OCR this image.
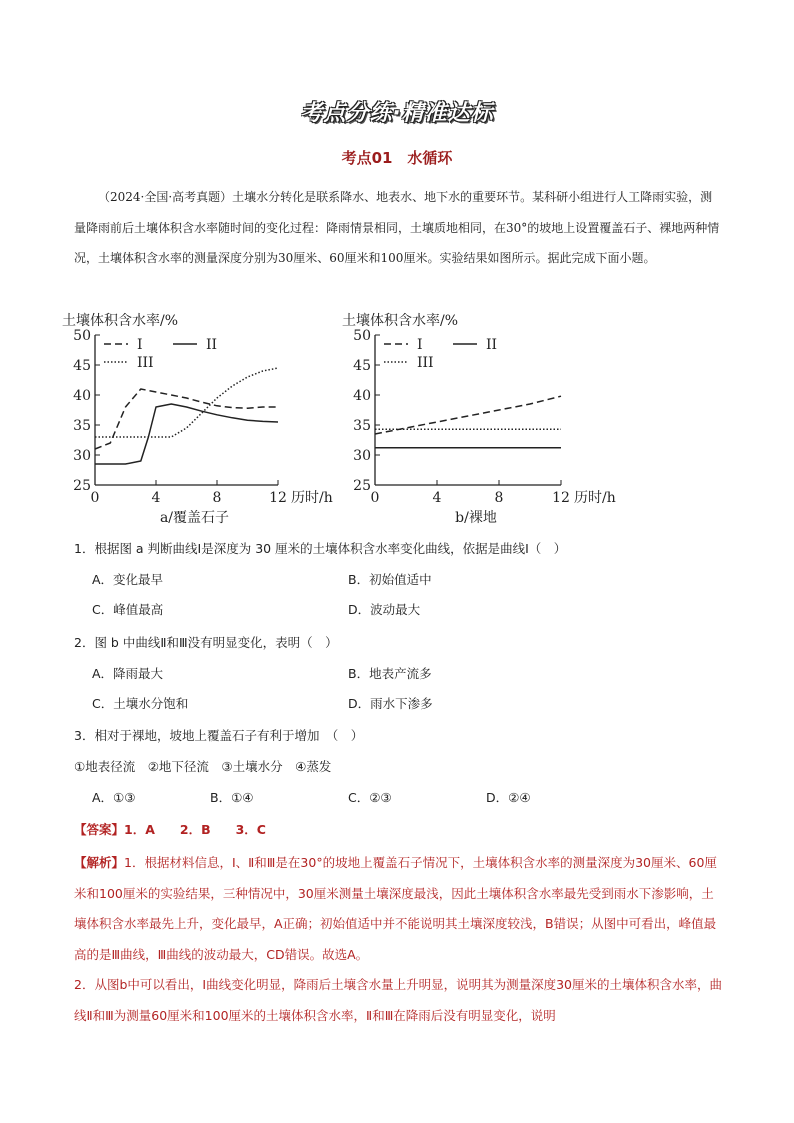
考点分练·精准达标
考点01　水循环
（2024·全国·高考真题）土壤水分转化是联系降水、地表水、地下水的重要环节。某科研小组进行人工降雨实验，测量降雨前后土壤体积含水率随时间的变化过程：降雨情景相同，土壤质地相同，在30°的坡地上设置覆盖石子、裸地两种情况，土壤体积含水率的测量深度分别为30厘米、60厘米和100厘米。实验结果如图所示。据此完成下面小题。
土壤体积含水率/%
25
30
35
40
45
50
0	4	8	12 历时/h
a/覆盖石子
I	II
III
土壤体积含水率/%
25
30
35
40
45
50
0	4	8	12 历时/h
b/裸地
I	II
III
1．根据图 a 判断曲线Ⅰ是深度为 30 厘米的土壤体积含水率变化曲线，依据是曲线Ⅰ（　）
A．变化最早	B．初始值适中
C．峰值最高	D．波动最大
2．图 b 中曲线Ⅱ和Ⅲ没有明显变化，表明（　）
A．降雨最大	B．地表产流多
C．土壤水分饱和	D．雨水下渗多
3．相对于裸地，坡地上覆盖石子有利于增加　（　）
①地表径流　②地下径流　③土壤水分　④蒸发
A．①③	B．①④	C．②③	D．②④
【答案】1．A　　2．B　　3．C

【解析】1．根据材料信息，Ⅰ、Ⅱ和Ⅲ是在30°的坡地上覆盖石子情况下，土壤体积含水率的测量深度为30厘米、60厘米和100厘米的实验结果，三种情况中，30厘米测量土壤深度最浅，因此土壤体积含水率最先受到雨水下渗影响，土壤体积含水率最先上升，变化最早，A正确；初始值适中并不能说明其土壤深度较浅，B错误；从图中可看出，峰值最高的是Ⅲ曲线，Ⅲ曲线的波动最大，CD错误。故选A。

2．从图b中可以看出，Ⅰ曲线变化明显，降雨后土壤含水量上升明显，说明其为测量深度30厘米的土壤体积含水率，曲线Ⅱ和Ⅲ为测量60厘米和100厘米的土壤体积含水率，Ⅱ和Ⅲ在降雨后没有明显变化，说明
